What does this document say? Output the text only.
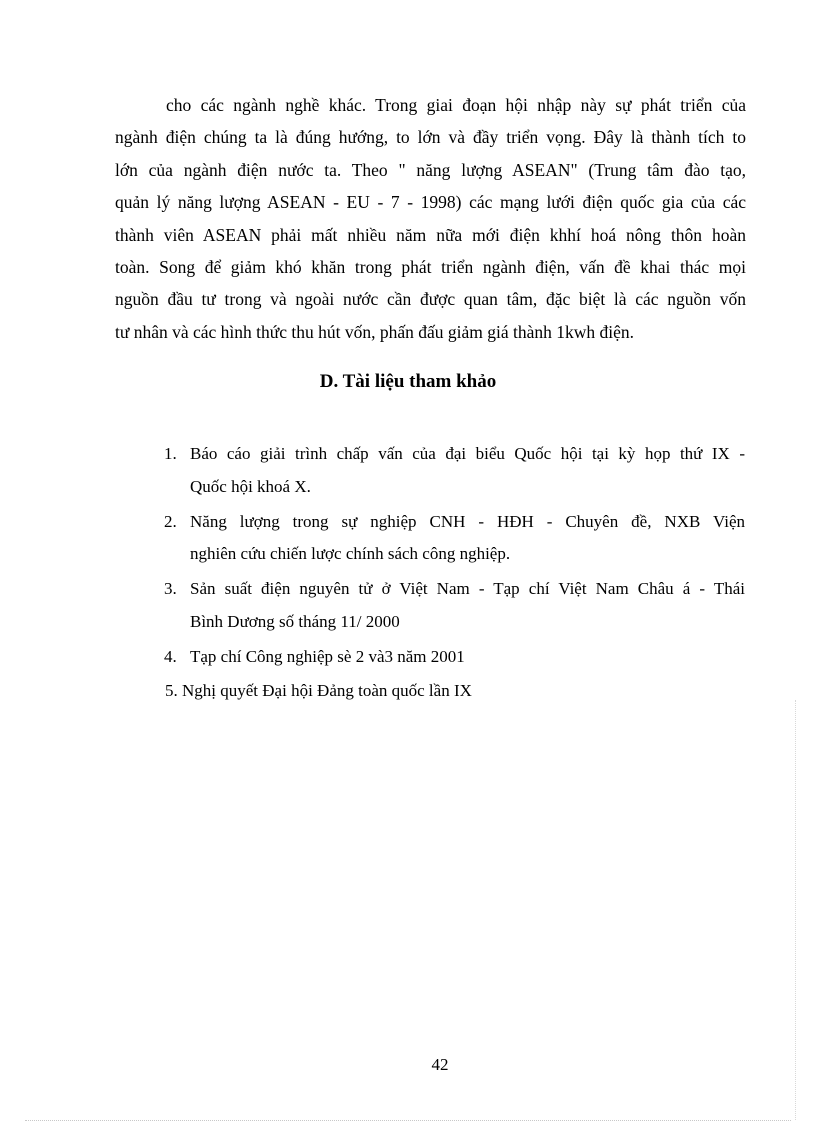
cho các ngành nghề khác. Trong giai đoạn hội nhập này sự phát triển của
ngành điện chúng ta là đúng hướng, to lớn và đầy triển vọng. Đây là thành tích to
lớn của ngành điện nước ta. Theo " năng lượng ASEAN" (Trung tâm đào tạo,
quản lý năng lượng ASEAN - EU - 7 - 1998) các mạng lưới điện quốc gia của các
thành viên ASEAN phải mất nhiều năm nữa mới điện khhí hoá nông thôn hoàn
toàn. Song để giảm khó khăn trong phát triển ngành điện, vấn đề khai thác mọi
nguồn đầu tư trong và ngoài nước cần được quan tâm, đặc biệt là các nguồn vốn
tư nhân và các hình thức thu hút vốn, phấn đấu giảm giá thành 1kwh điện.
D. Tài liệu tham khảo
1. Báo cáo giải trình chấp vấn của đại biểu Quốc hội tại kỳ họp thứ IX -
Quốc hội khoá X.
2. Năng lượng trong sự nghiệp CNH - HĐH - Chuyên đề, NXB Viện
nghiên cứu chiến lược chính sách công nghiệp.
3. Sản suất điện nguyên tử ở Việt Nam - Tạp chí Việt Nam Châu á - Thái
Bình Dương số tháng 11/ 2000
4. Tạp chí Công nghiệp sè 2 và3 năm 2001
5. Nghị quyết Đại hội Đảng toàn quốc lần IX
42
